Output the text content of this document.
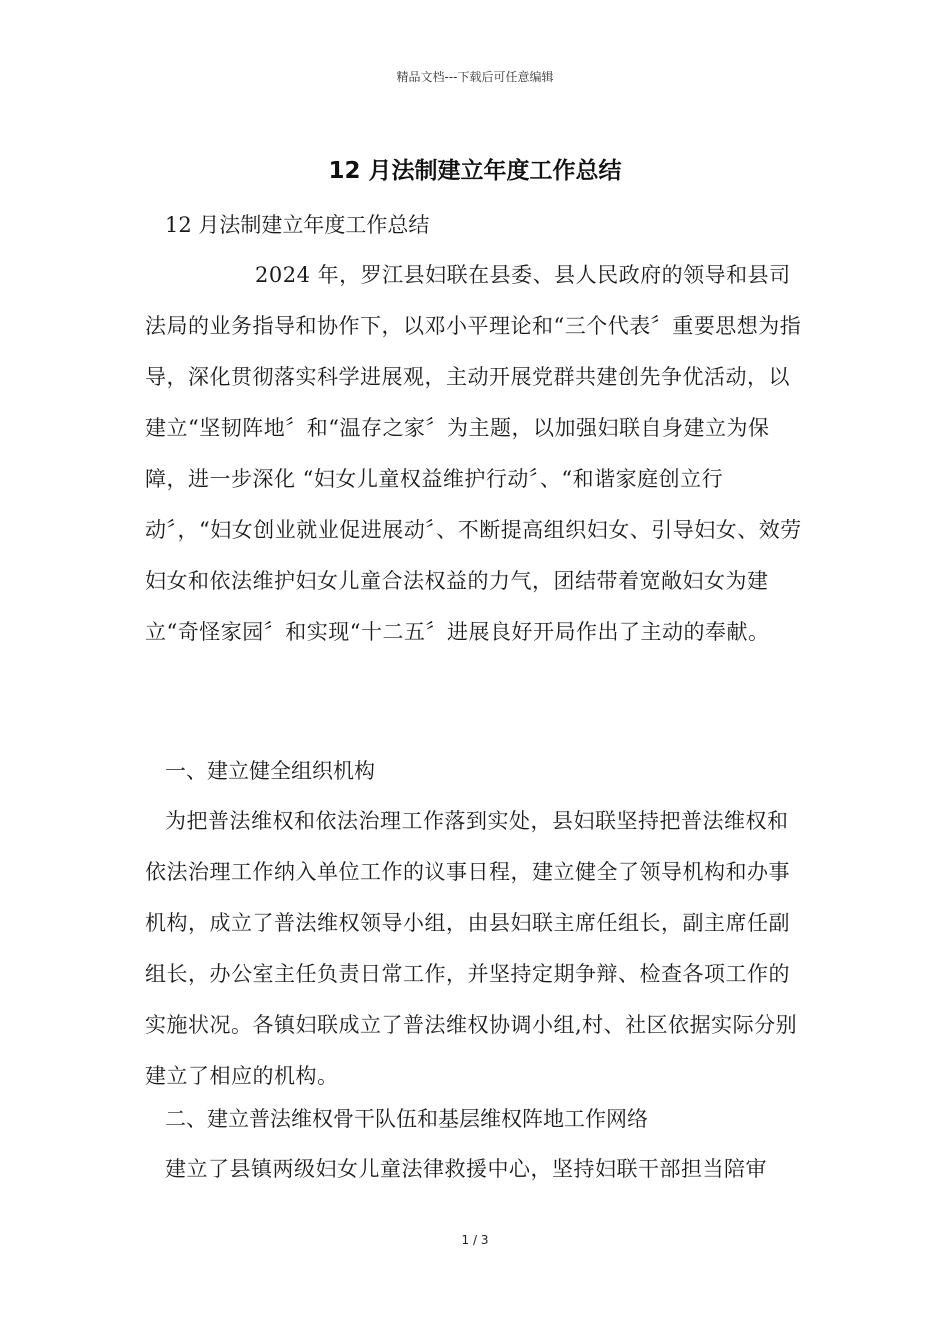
精品文档---下载后可任意编辑
12 月法制建立年度工作总结
12 月法制建立年度工作总结
2024 年，罗江县妇联在县委、县人民政府的领导和县司法局的业务指导和协作下，以邓小平理论和“三个代表〞重要思想为指导，深化贯彻落实科学进展观，主动开展党群共建创先争优活动，以建立“坚韧阵地〞和“温存之家〞为主题，以加强妇联自身建立为保障，进一步深化 “妇女儿童权益维护行动〞、“和谐家庭创立行动〞，“妇女创业就业促进展动〞、不断提高组织妇女、引导妇女、效劳妇女和依法维护妇女儿童合法权益的力气，团结带着宽敞妇女为建立“奇怪家园〞和实现“十二五〞进展良好开局作出了主动的奉献。
一、建立健全组织机构
为把普法维权和依法治理工作落到实处，县妇联坚持把普法维权和依法治理工作纳入单位工作的议事日程，建立健全了领导机构和办事机构，成立了普法维权领导小组，由县妇联主席任组长，副主席任副组长，办公室主任负责日常工作，并坚持定期争辩、检查各项工作的实施状况。各镇妇联成立了普法维权协调小组,村、社区依据实际分别建立了相应的机构。
二、建立普法维权骨干队伍和基层维权阵地工作网络
建立了县镇两级妇女儿童法律救援中心，坚持妇联干部担当陪审
1 / 3
